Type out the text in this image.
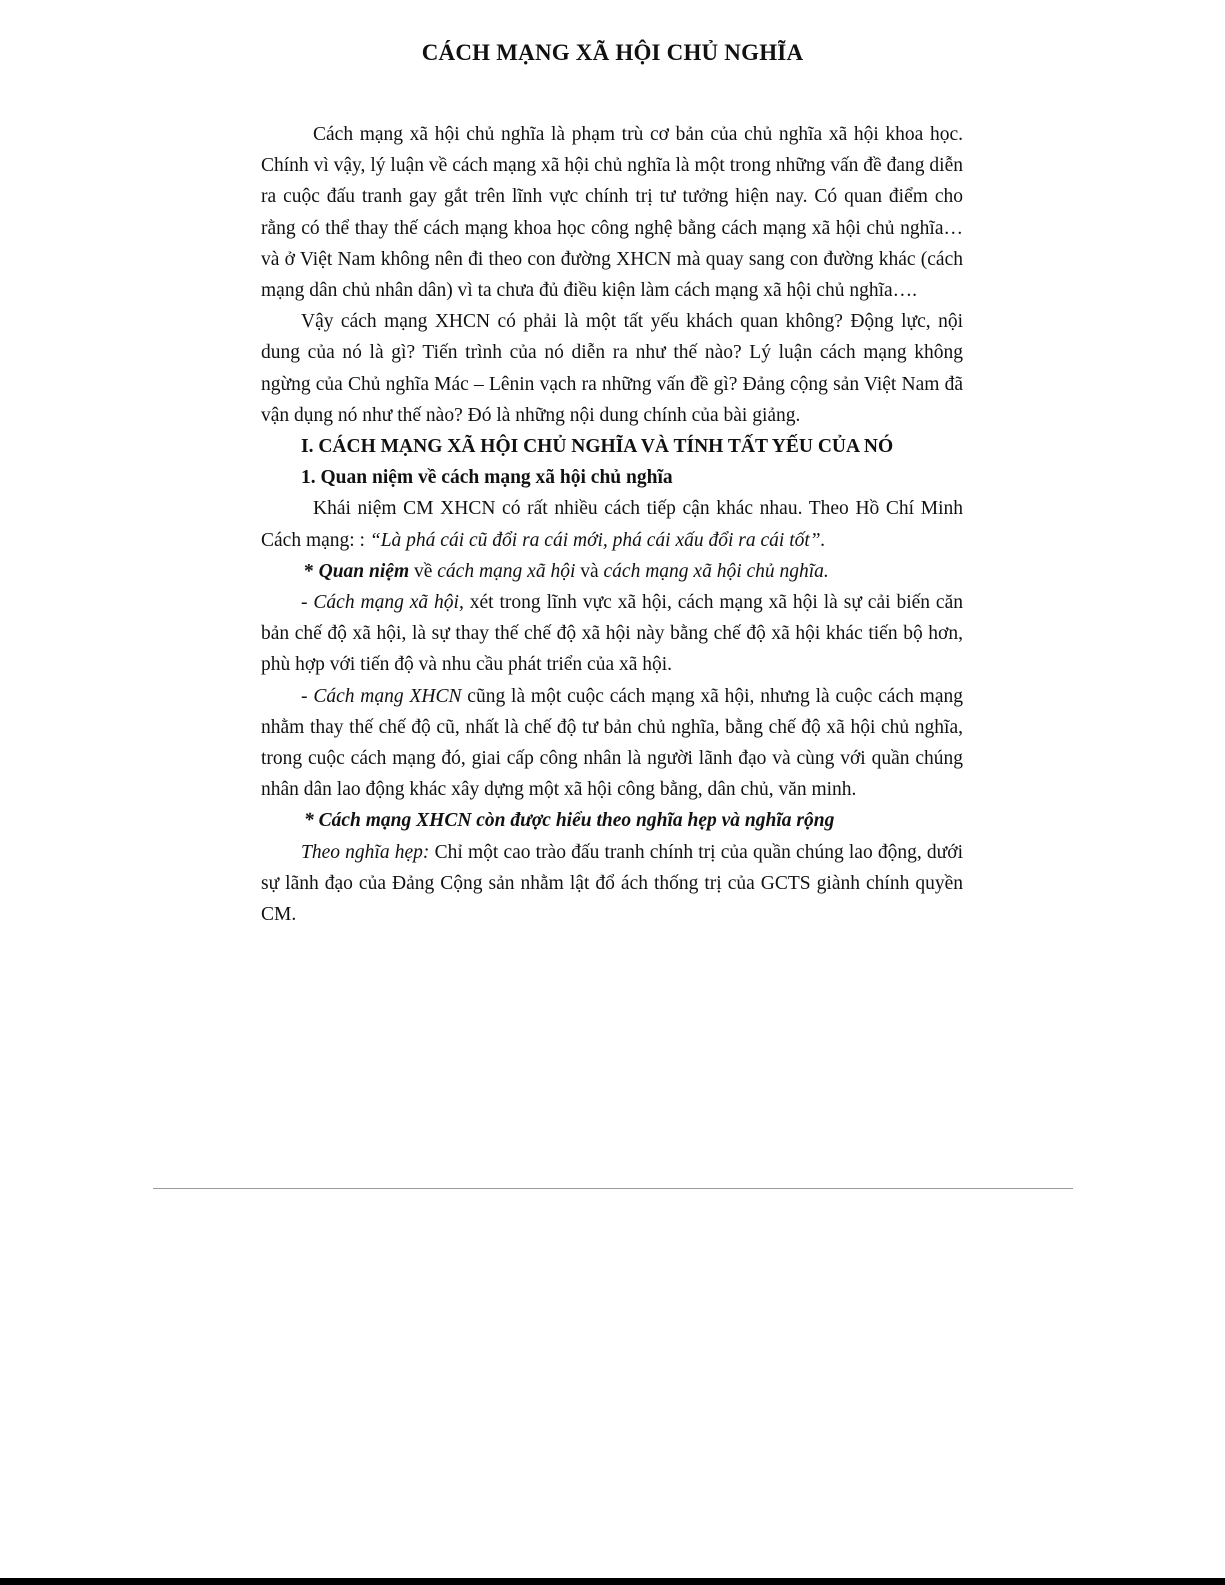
CÁCH MẠNG XÃ HỘI CHỦ NGHĨA

Cách mạng xã hội chủ nghĩa là phạm trù cơ bản của chủ nghĩa xã hội khoa học. Chính vì vậy, lý luận về cách mạng xã hội chủ nghĩa là một trong những vấn đề đang diễn ra cuộc đấu tranh gay gắt trên lĩnh vực chính trị tư tưởng hiện nay. Có quan điểm cho rằng có thể thay thế cách mạng khoa học công nghệ bằng cách mạng xã hội chủ nghĩa…và ở Việt Nam không nên đi theo con đường XHCN mà quay sang con đường khác (cách mạng dân chủ nhân dân) vì ta chưa đủ điều kiện làm cách mạng xã hội chủ nghĩa….

Vậy cách mạng XHCN có phải là một tất yếu khách quan không? Động lực, nội dung của nó là gì? Tiến trình của nó diễn ra như thế nào? Lý luận cách mạng không ngừng của Chủ nghĩa Mác – Lênin vạch ra những vấn đề gì? Đảng cộng sản Việt Nam đã vận dụng nó như thế nào? Đó là những nội dung chính của bài giảng.

I. CÁCH MẠNG XÃ HỘI CHỦ NGHĨA VÀ TÍNH TẤT YẾU CỦA NÓ

1. Quan niệm về cách mạng xã hội chủ nghĩa

Khái niệm CM XHCN có rất nhiều cách tiếp cận khác nhau. Theo Hồ Chí Minh Cách mạng: : “Là phá cái cũ đổi ra cái mới, phá cái xấu đổi ra cái tốt”.

* Quan niệm về cách mạng xã hội và cách mạng xã hội chủ nghĩa.

- Cách mạng xã hội, xét trong lĩnh vực xã hội, cách mạng xã hội là sự cải biến căn bản chế độ xã hội, là sự thay thế chế độ xã hội này bằng chế độ xã hội khác tiến bộ hơn, phù hợp với tiến độ và nhu cầu phát triển của xã hội.

- Cách mạng XHCN cũng là một cuộc cách mạng xã hội, nhưng là cuộc cách mạng nhằm thay thế chế độ cũ, nhất là chế độ tư bản chủ nghĩa, bằng chế độ xã hội chủ nghĩa, trong cuộc cách mạng đó, giai cấp công nhân là người lãnh đạo và cùng với quần chúng nhân dân lao động khác xây dựng một xã hội công bằng, dân chủ, văn minh.

* Cách mạng XHCN còn được hiểu theo nghĩa hẹp và nghĩa rộng

Theo nghĩa hẹp: Chỉ một cao trào đấu tranh chính trị của quần chúng lao động, dưới sự lãnh đạo của Đảng Cộng sản nhằm lật đổ ách thống trị của GCTS giành chính quyền CM.
